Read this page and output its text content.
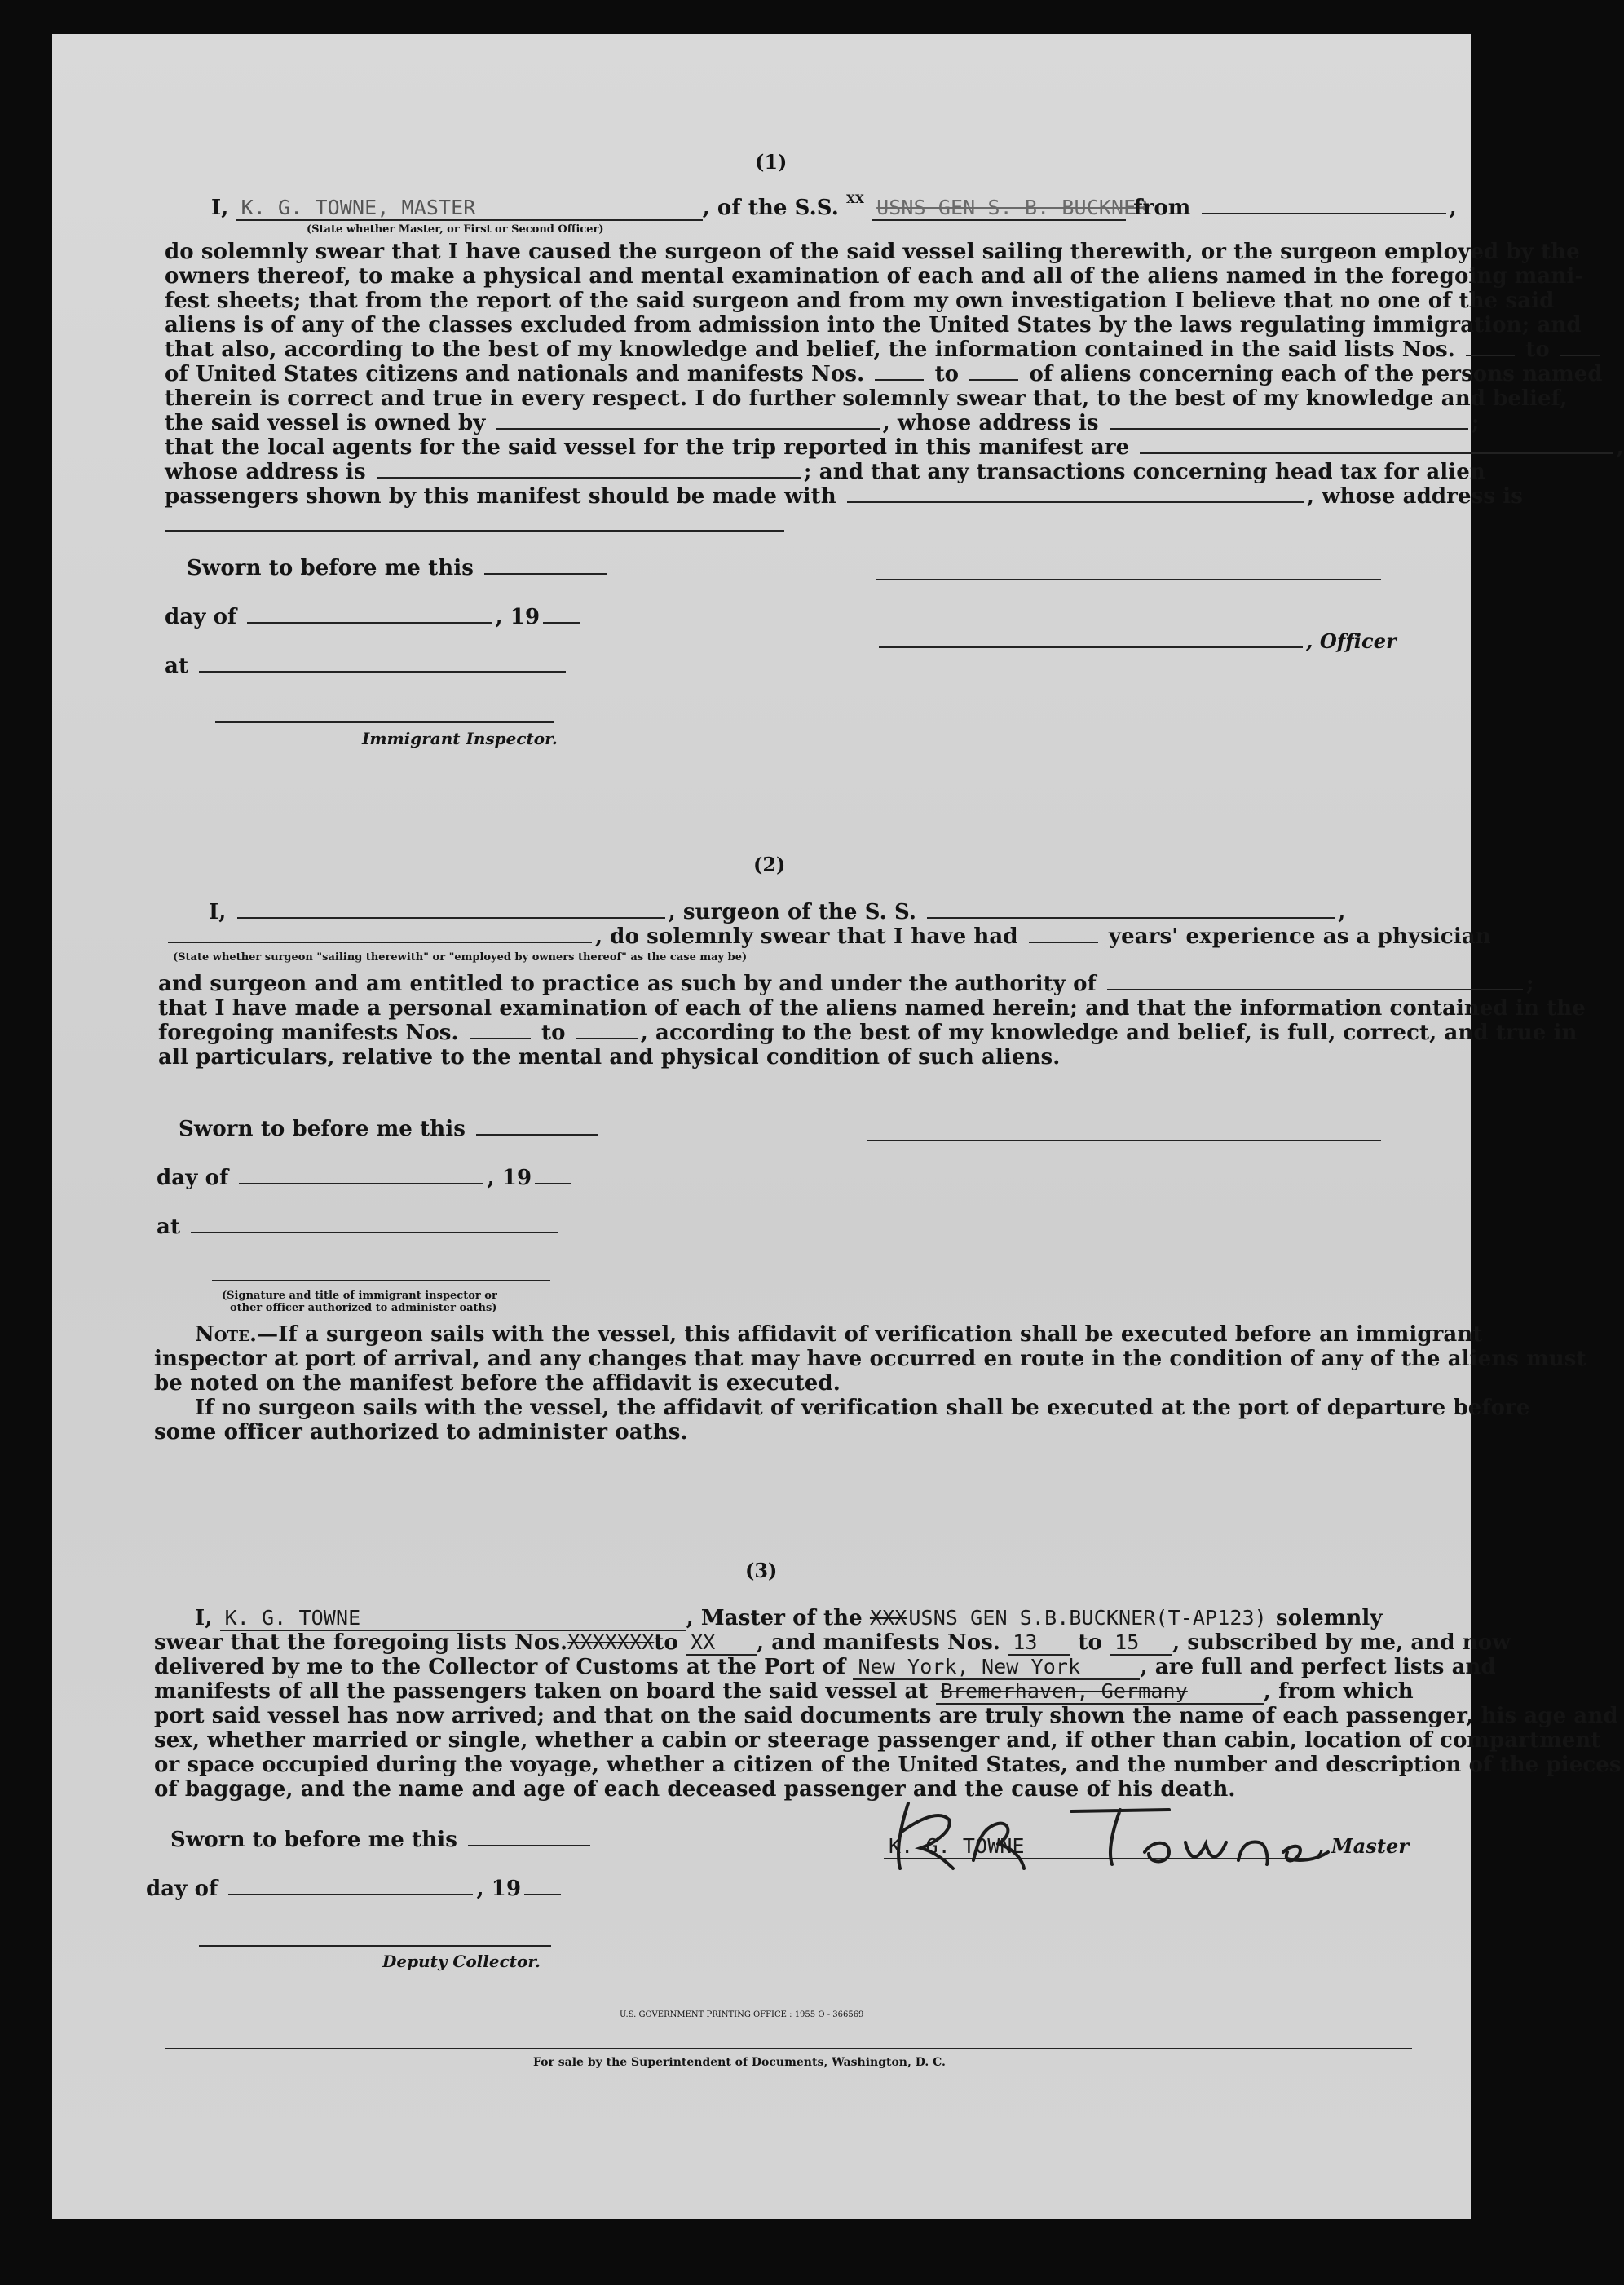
(1)
I, K. G. TOWNE, MASTER	, of the S.S. $^{XX}$ USNS GEN S. B. BUCKNER from	,
(State whether Master, or First or Second Officer)
do solemnly swear that I have caused the surgeon of the said vessel sailing therewith, or the surgeon employed by the
owners thereof, to make a physical and mental examination of each and all of the aliens named in the foregoing mani-
fest sheets; that from the report of the said surgeon and from my own investigation I believe that no one of the said
aliens is of any of the classes excluded from admission into the United States by the laws regulating immigration; and
that also, according to the best of my knowledge and belief, the information contained in the said lists Nos.	to
of United States citizens and nationals and manifests Nos.	to	of aliens concerning each of the persons named
therein is correct and true in every respect. I do further solemnly swear that, to the best of my knowledge and belief,
the said vessel is owned by	, whose address is	;
that the local agents for the said vessel for the trip reported in this manifest are	,
whose address is	; and that any transactions concerning head tax for alien
passengers shown by this manifest should be made with	, whose address is
Sworn to before me this
day of	, 19
, Officer
at
Immigrant Inspector.
(2)
I,	, surgeon of the S. S.	,
, do solemnly swear that I have had	years' experience as a physician
(State whether surgeon "sailing therewith" or "employed by owners thereof" as the case may be)
and surgeon and am entitled to practice as such by and under the authority of	;
that I have made a personal examination of each of the aliens named herein; and that the information contained in the
foregoing manifests Nos.	to	, according to the best of my knowledge and belief, is full, correct, and true in
all particulars, relative to the mental and physical condition of such aliens.
Sworn to before me this
day of	, 19
at
(Signature and title of immigrant inspector or
other officer authorized to administer oaths)
Note.—If a surgeon sails with the vessel, this affidavit of verification shall be executed before an immigrant
inspector at port of arrival, and any changes that may have occurred en route in the condition of any of the aliens must
be noted on the manifest before the affidavit is executed.
If no surgeon sails with the vessel, the affidavit of verification shall be executed at the port of departure before
some officer authorized to administer oaths.
(3)
I, K. G. TOWNE	, Master of the XXXUSNS GEN S.B.BUCKNER(T-AP123) solemnly
swear that the foregoing lists Nos.XXXXXXXto XX , and manifests Nos. 13 to 15 , subscribed by me, and now
delivered by me to the Collector of Customs at the Port of New York, New York	, are full and perfect lists and
manifests of all the passengers taken on board the said vessel at Bremerhaven, Germany	, from which
port said vessel has now arrived; and that on the said documents are truly shown the name of each passenger, his age and
sex, whether married or single, whether a cabin or steerage passenger and, if other than cabin, location of compartment
or space occupied during the voyage, whether a citizen of the United States, and the number and description of the pieces
of baggage, and the name and age of each deceased passenger and the cause of his death.
Sworn to before me this	K. G. TOWNE	, Master
day of	, 19
Deputy Collector.
U.S. GOVERNMENT PRINTING OFFICE : 1955 O - 366569
For sale by the Superintendent of Documents, Washington, D. C.
